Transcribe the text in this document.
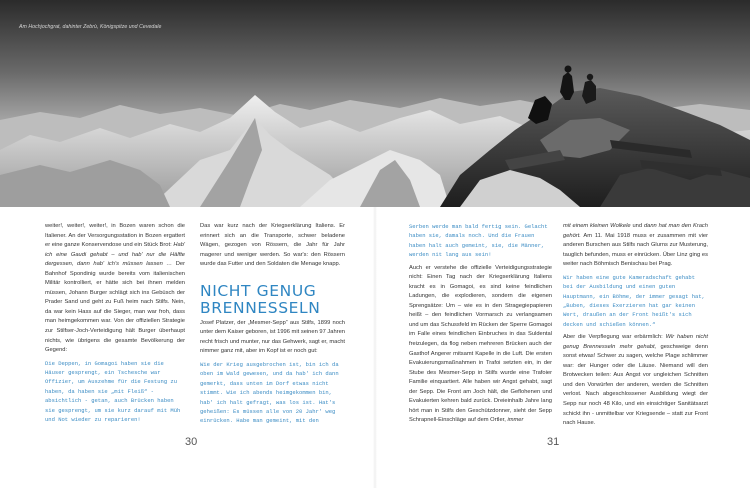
Am Hochjochgrat, dahinter Zebrù, Königspitze und Cevedale

weiter!, weiter!, weiter!, in Bozen waren schon die Italiener. An der Versorgungsstation in Bozen ergattert er eine ganze Konservendose und ein Stück Brot: Hab' ich eine Gaudi gehabt – und hab' nur die Hälfte dergessen, dann hab' ich's müssen lassen … Der Bahnhof Spondinig wurde bereits vom italienischen Militär kontrolliert, er hätte sich bei ihnen melden müssen, Johann Burger schlägt sich ins Gebüsch der Prader Sand und geht zu Fuß heim nach Stilfs. Nein, da war kein Hass auf die Sieger, man war froh, dass man heimgekommen war. Von der offiziellen Strategie zur Stilfser-Joch-Verteidigung hält Burger überhaupt nichts, wie übrigens die gesamte Bevölkerung der Gegend:

Die Deppen, in Gomagoi haben sie die Häuser gesprengt, ein Tschesche war Offizier, um Auszehme für die Festung zu haben, da haben sie „mit Fleiß“ - absichtlich - getan, auch Brücken haben sie gesprengt, um sie kurz darauf mit Müh und Not wieder zu reparieren!

Das war kurz nach der Kriegserklärung Italiens. Er erinnert sich an die Transporte, schwer beladene Wägen, gezogen von Rössern, die Jahr für Jahr magerer und weniger werden. So war's: den Rössern wurde das Futter und den Soldaten die Menage knapp.

NICHT GENUG BRENNESSELN

Josef Platzer, der „Mesmer-Sepp“ aus Stilfs, 1899 noch unter dem Kaiser geboren, ist 1996 mit seinen 97 Jahren recht frisch und munter, nur das Gehwerk, sagt er, macht nimmer ganz mit, aber im Kopf ist er noch gut:

Wie der Krieg ausgebrochen ist, bin ich da oben im Wald gewesen, und da hab' ich dann gemerkt, dass unten im Dorf etwas nicht stimmt. Wie ich abends heimgekommen bin, hab' ich halt gefragt, was los ist. Hat's geheißen: Es müssen alle von 20 Jahr' weg einrücken. Habe man gemeint, mit den

Serben werde man bald fertig sein. Gelacht haben sie, damals noch. Und die Frauen haben halt auch gemeint, sie, die Männer, werden nit lang aus sein!

Auch er verstehe die offizielle Verteidigungsstrategie nicht: Einen Tag nach der Kriegserklärung Italiens kracht es in Gomagoi, es sind keine feindlichen Ladungen, die explodieren, sondern die eigenen Sprengsätze: Um – wie es in den Stragegiepapieren heißt – den feindlichen Vormarsch zu verlangsamen und um das Schussfeld im Rücken der Sperre Gomagoi im Falle eines feindlichen Einbruches in das Suldental freizulegen, da flog neben mehreren Brücken auch der Gasthof Angerer mitsamt Kapelle in die Luft. Die ersten Evakuierungsmaßnahmen in Trafoi setzten ein, in der Stube des Mesmer-Sepp in Stilfs wurde eine Trafoier Familie einquartiert. Alle haben wir Angst gehabt, sagt der Sepp. Die Front am Joch hält, die Geflohenen und Evakuierten kehren bald zurück. Dreieinhalb Jahre lang hört man in Stilfs den Geschützdonner, sieht der Sepp Schrapnell-Einschläge auf dem Ortler, immer

mit einem kleinen Wolkele und dann hat man den Krach gehört. Am 11. Mai 1918 muss er zusammen mit vier anderen Burschen aus Stilfs nach Glurns zur Musterung, tauglich befunden, muss er einrücken. Über Linz ging es weiter nach Böhmisch Benischau bei Prag.

Wir haben eine gute Kameradschaft gehabt bei der Ausbildung und einen guten Hauptmann, ein Böhme, der immer gesagt hat, „Buben, dieses Exerzieren hat gar keinen Wert, draußen an der Front heißt's sich decken und schießen können.“

Aber die Verpflegung war erbärmlich: Wir haben nicht genug Brennesseln mehr gehabt, geschweige denn sonst etwas! Schwer zu sagen, welche Plage schlimmer war: der Hunger oder die Läuse. Niemand will den Brotwecken teilen: Aus Angst vor ungleichen Schnitten und den Vorwürfen der anderen, werden die Schnitten verlost. Nach abgeschlossener Ausbildung wiegt der Sepp nur noch 48 Kilo, und ein einsichtiger Sanitätsarzt schickt ihn - unmittelbar vor Kriegsende – statt zur Front nach Hause.

30	31
